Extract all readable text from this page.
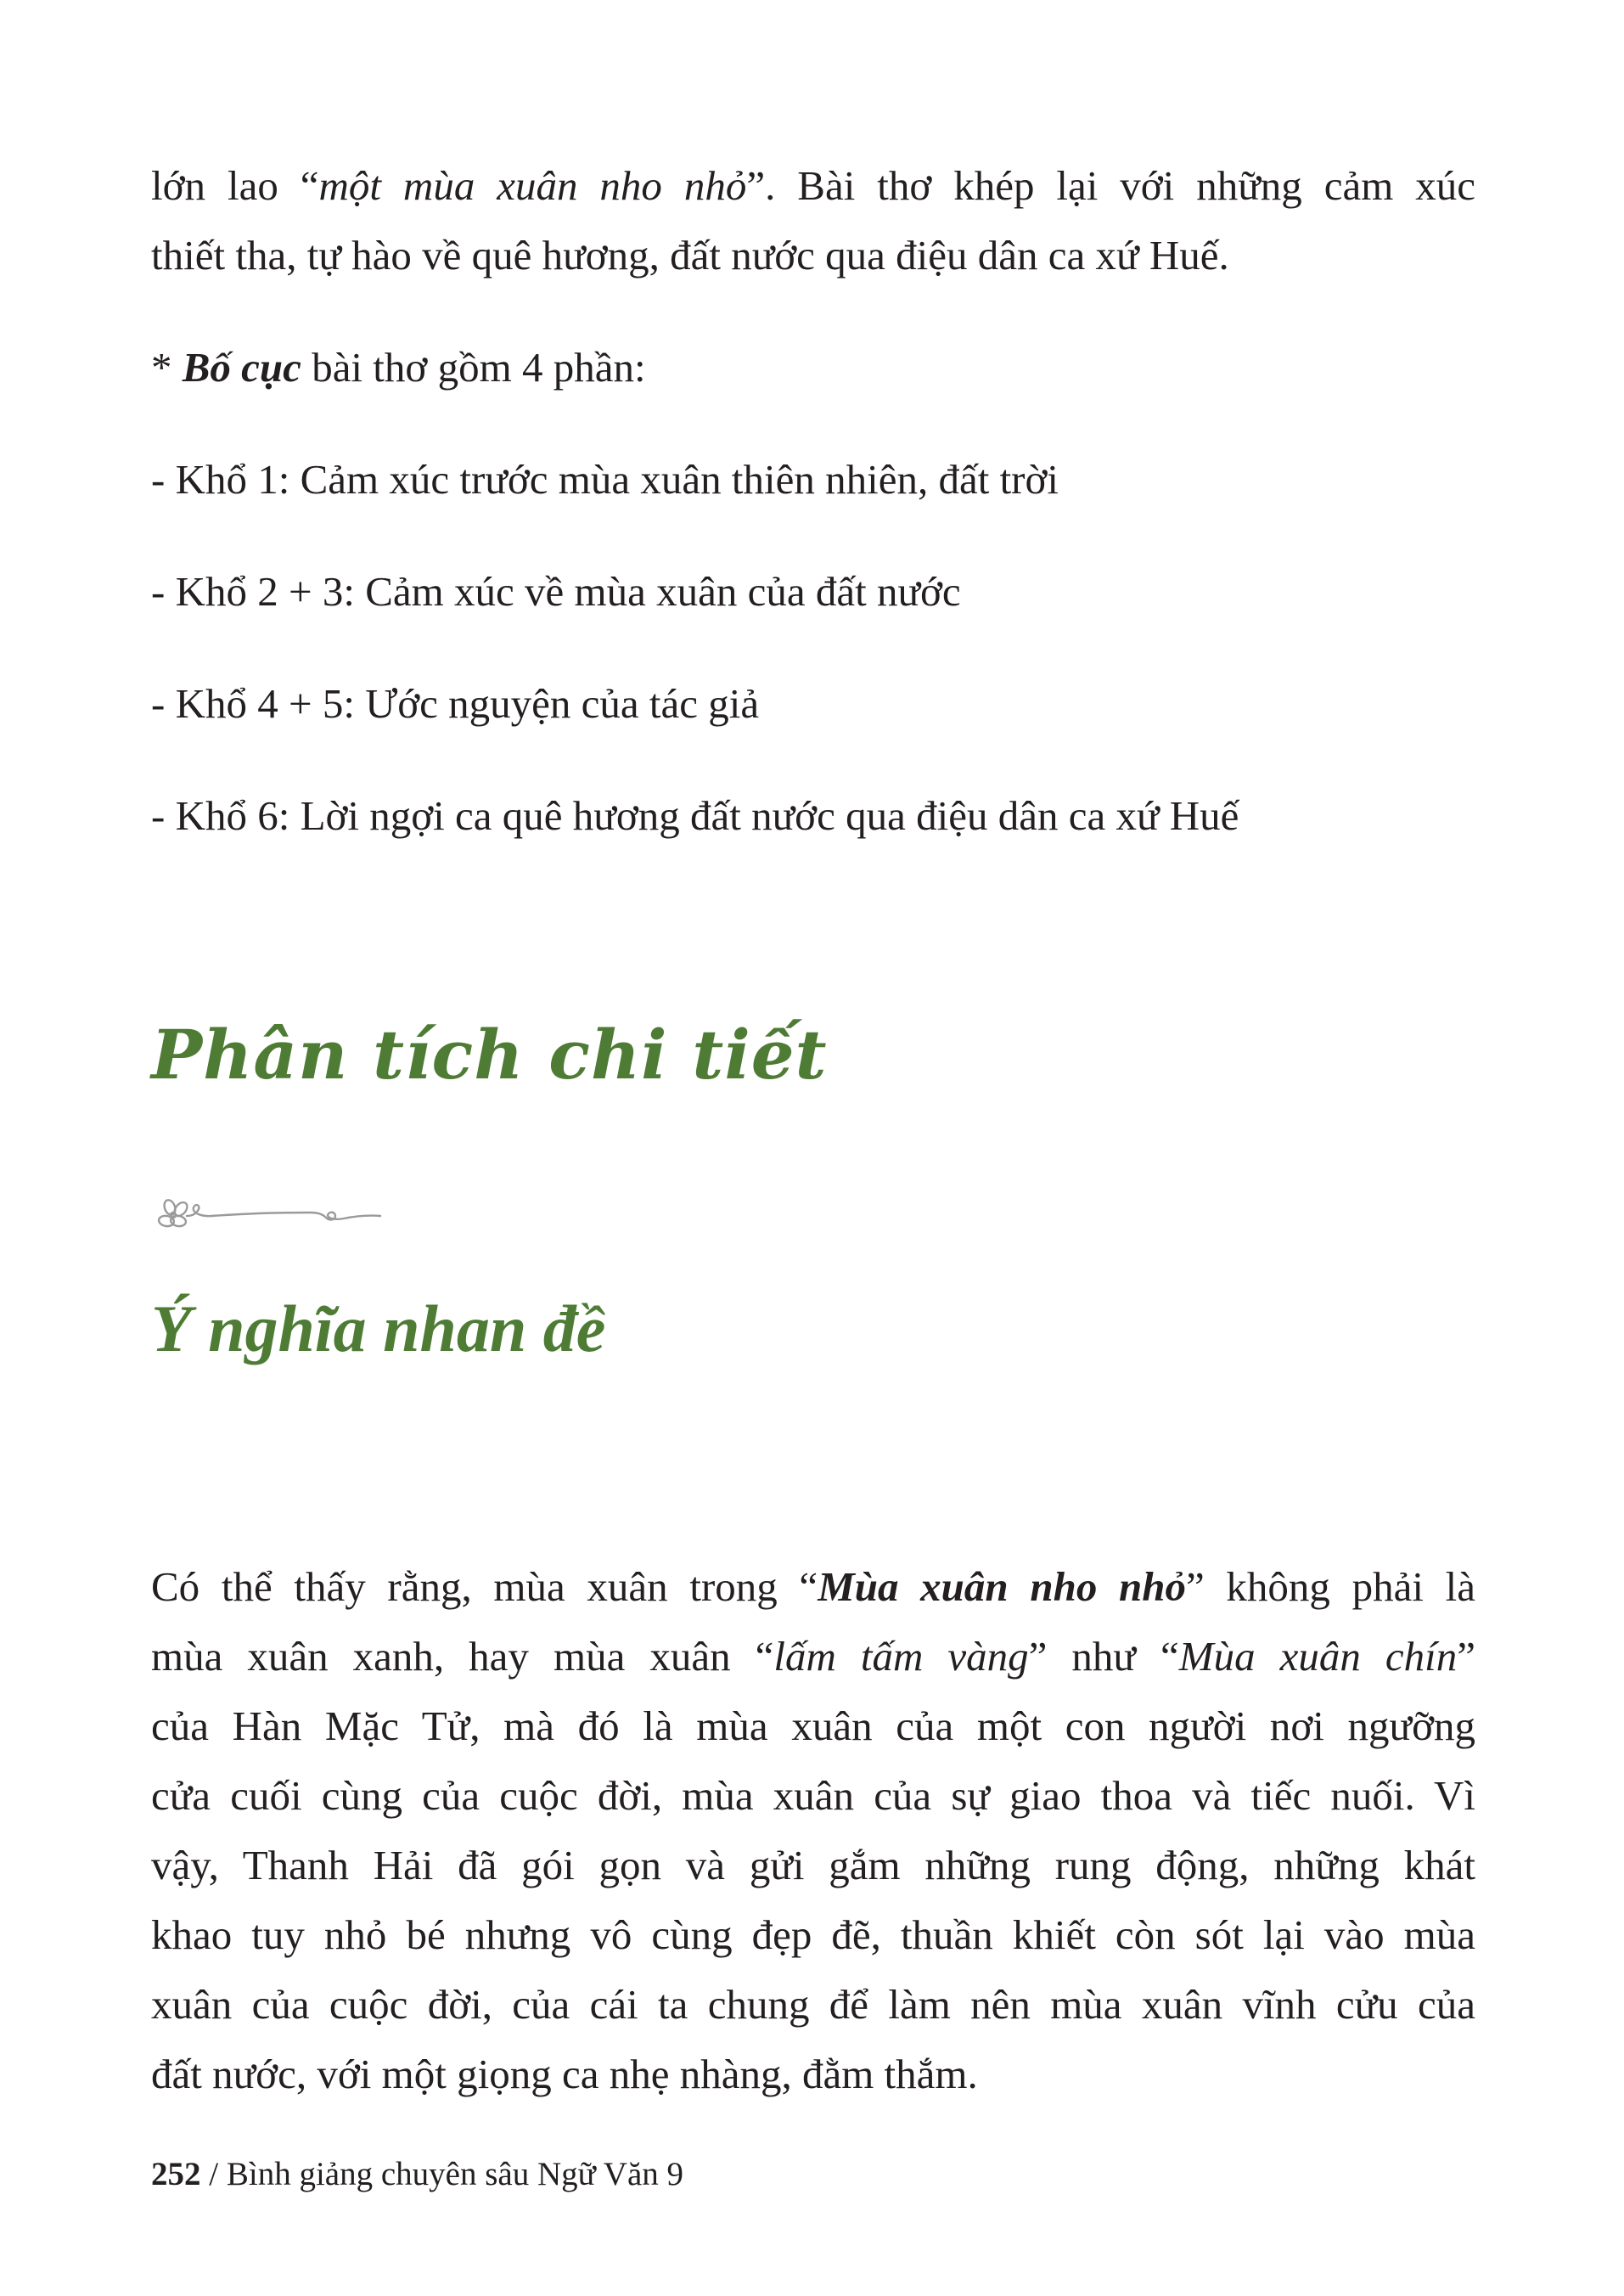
lớn lao “một mùa xuân nho nhỏ”. Bài thơ khép lại với những cảm xúc
thiết tha, tự hào về quê hương, đất nước qua điệu dân ca xứ Huế.

* Bố cục bài thơ gồm 4 phần:

- Khổ 1: Cảm xúc trước mùa xuân thiên nhiên, đất trời

- Khổ 2 + 3: Cảm xúc về mùa xuân của đất nước

- Khổ 4 + 5: Ước nguyện của tác giả

- Khổ 6: Lời ngợi ca quê hương đất nước qua điệu dân ca xứ Huế

Phân tích chi tiết
Ý nghĩa nhan đề

Có thể thấy rằng, mùa xuân trong “Mùa xuân nho nhỏ” không phải là
mùa xuân xanh, hay mùa xuân “lấm tấm vàng” như “Mùa xuân chín”
của Hàn Mặc Tử, mà đó là mùa xuân của một con người nơi ngưỡng
cửa cuối cùng của cuộc đời, mùa xuân của sự giao thoa và tiếc nuối. Vì
vậy, Thanh Hải đã gói gọn và gửi gắm những rung động, những khát
khao tuy nhỏ bé nhưng vô cùng đẹp đẽ, thuần khiết còn sót lại vào mùa
xuân của cuộc đời, của cái ta chung để làm nên mùa xuân vĩnh cửu của
đất nước, với một giọng ca nhẹ nhàng, đằm thắm.

252 / Bình giảng chuyên sâu Ngữ Văn 9
